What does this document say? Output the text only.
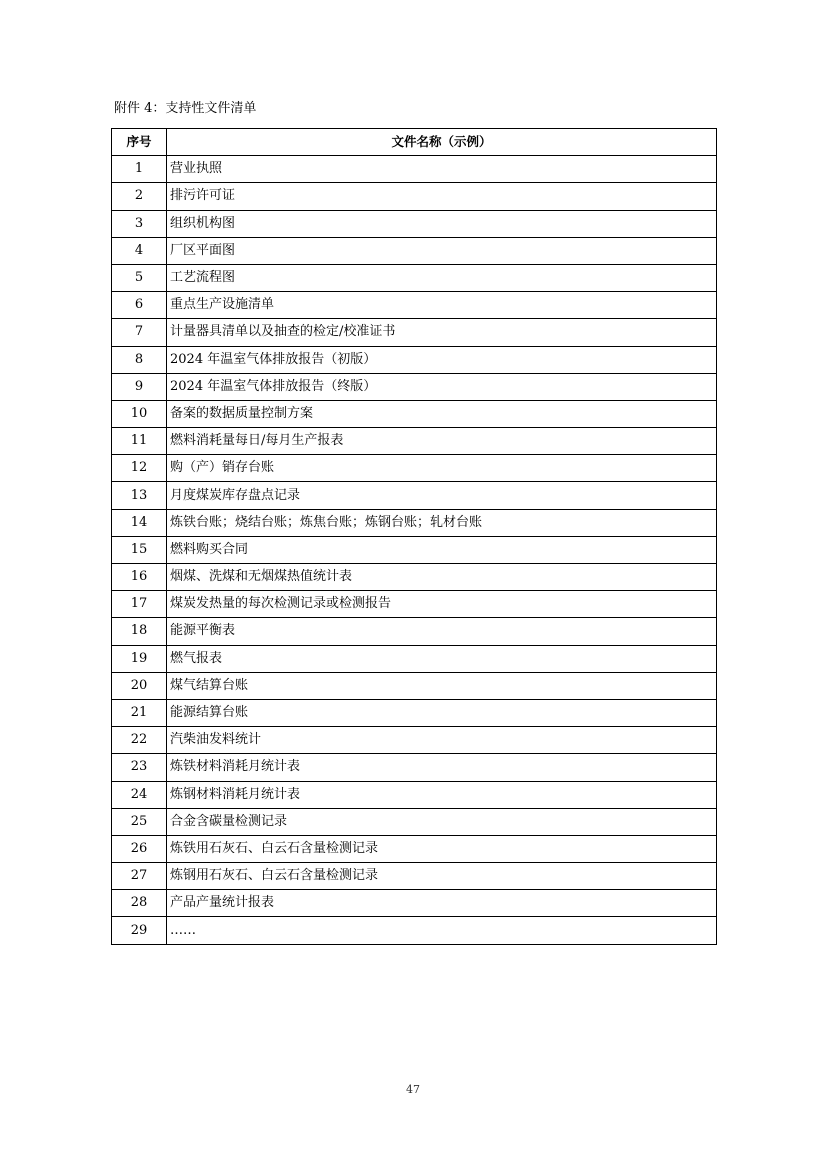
附件 4：支持性文件清单
序号	文件名称（示例）
1	营业执照
2	排污许可证
3	组织机构图
4	厂区平面图
5	工艺流程图
6	重点生产设施清单
7	计量器具清单以及抽查的检定/校准证书
8	2024 年温室气体排放报告（初版）
9	2024 年温室气体排放报告（终版）
10	备案的数据质量控制方案
11	燃料消耗量每日/每月生产报表
12	购（产）销存台账
13	月度煤炭库存盘点记录
14	炼铁台账；烧结台账；炼焦台账；炼钢台账；轧材台账
15	燃料购买合同
16	烟煤、洗煤和无烟煤热值统计表
17	煤炭发热量的每次检测记录或检测报告
18	能源平衡表
19	燃气报表
20	煤气结算台账
21	能源结算台账
22	汽柴油发料统计
23	炼铁材料消耗月统计表
24	炼钢材料消耗月统计表
25	合金含碳量检测记录
26	炼铁用石灰石、白云石含量检测记录
27	炼钢用石灰石、白云石含量检测记录
28	产品产量统计报表
29	……
47
